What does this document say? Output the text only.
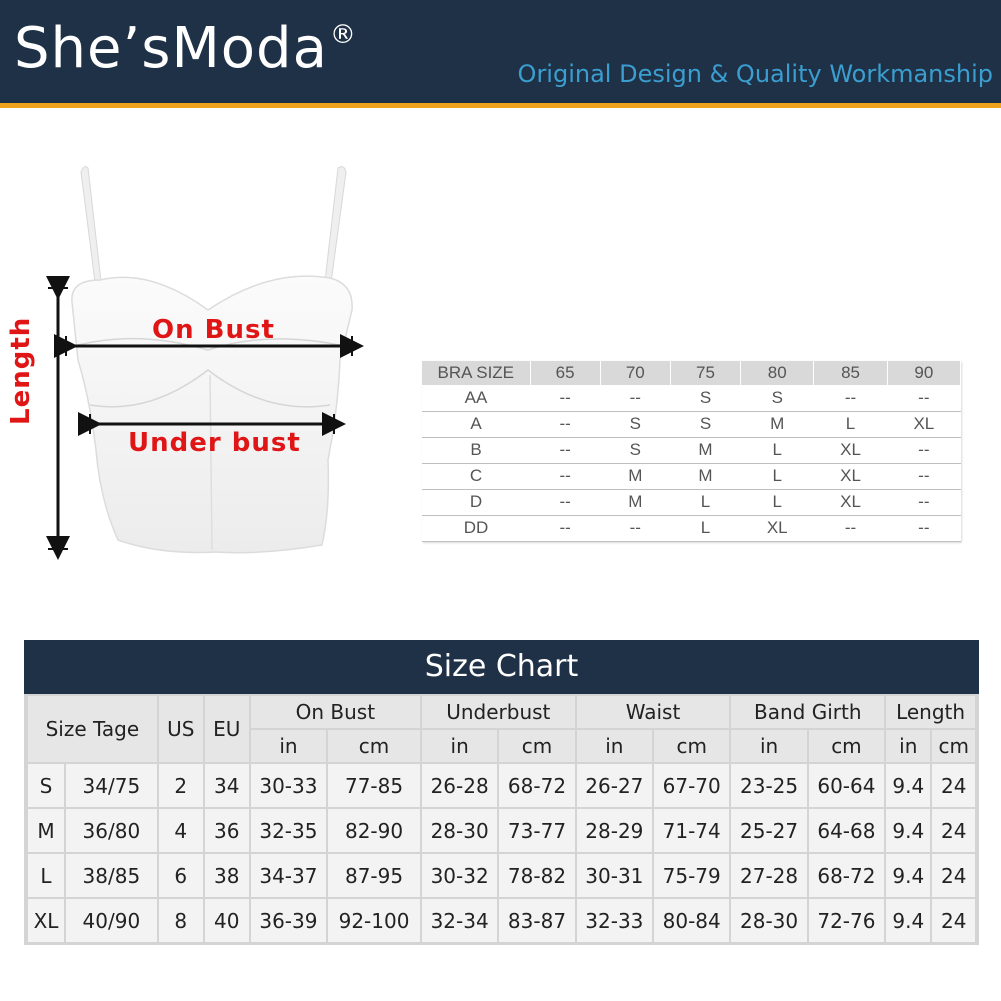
She’sModa®
Original Design & Quality Workmanship
On Bust
Under bust
Length	BRA SIZE	65	70	75	80	85	90
AA	--	--	S	S	--	--
A	--	S	S	M	L	XL
B	--	S	M	L	XL	--
C	--	M	M	L	XL	--
D	--	M	L	L	XL	--
DD	--	--	L	XL	--	--
Size Chart
Size Tage		US	EU	On Bust		Underbust		Waist		Band Girth		Length	
				in	cm	in	cm	in	cm	in	cm	in	cm
S	34/75	2	34	30-33	77-85	26-28	68-72	26-27	67-70	23-25	60-64	9.4	24
M	36/80	4	36	32-35	82-90	28-30	73-77	28-29	71-74	25-27	64-68	9.4	24
L	38/85	6	38	34-37	87-95	30-32	78-82	30-31	75-79	27-28	68-72	9.4	24
XL	40/90	8	40	36-39	92-100	32-34	83-87	32-33	80-84	28-30	72-76	9.4	24
